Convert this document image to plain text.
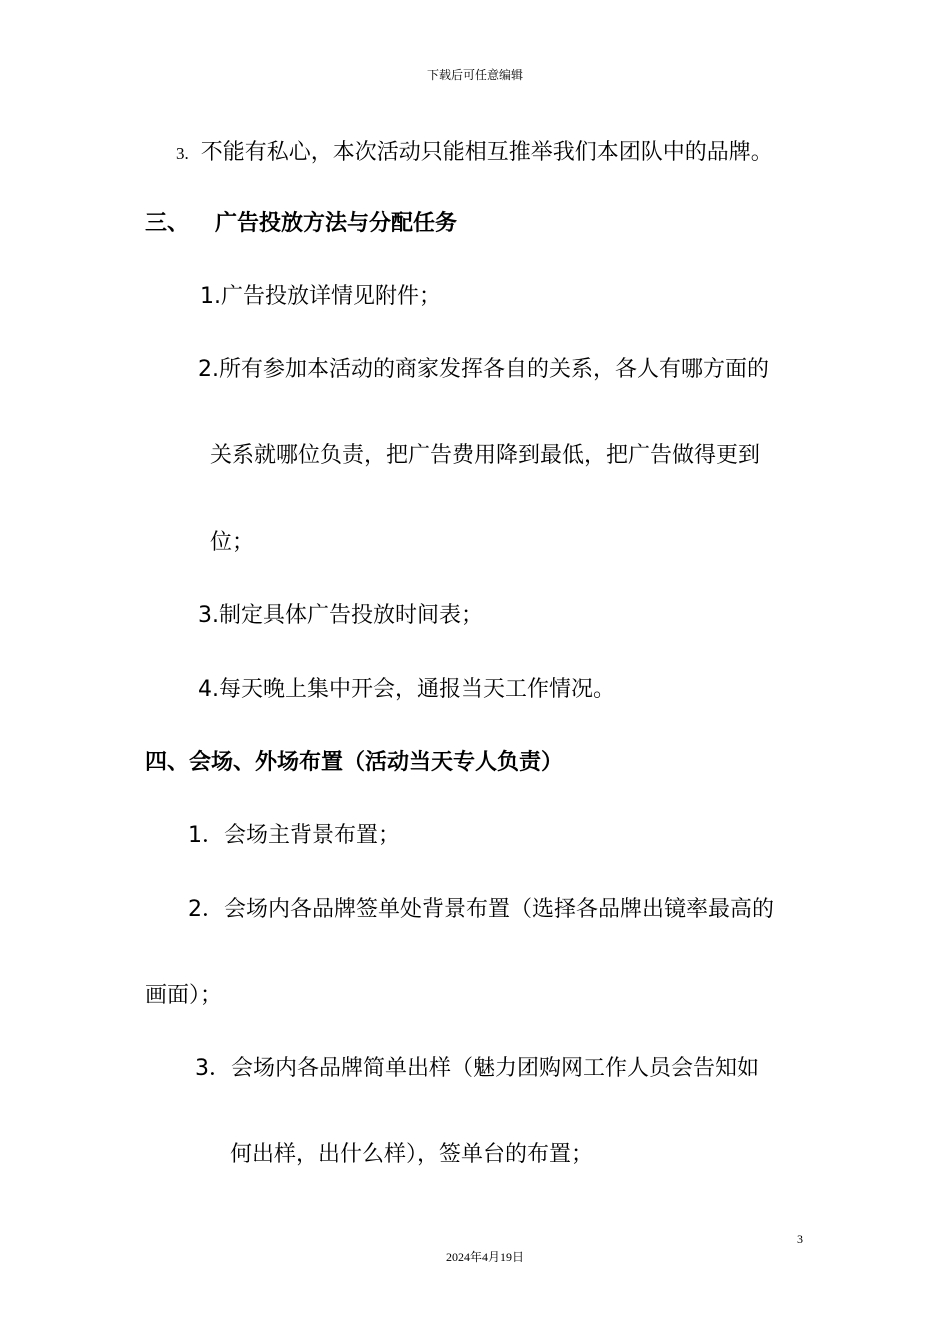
下载后可任意编辑
3. 不能有私心，本次活动只能相互推举我们本团队中的品牌。
三、 广告投放方法与分配任务
1.广告投放详情见附件；
2.所有参加本活动的商家发挥各自的关系，各人有哪方面的
关系就哪位负责，把广告费用降到最低，把广告做得更到
位；
3.制定具体广告投放时间表；
4.每天晚上集中开会，通报当天工作情况。
四、会场、外场布置（活动当天专人负责）
1．会场主背景布置；
2．会场内各品牌签单处背景布置（选择各品牌出镜率最高的
画面）；
3．会场内各品牌简单出样（魅力团购网工作人员会告知如
何出样，出什么样），签单台的布置；
3
2024年4月19日
